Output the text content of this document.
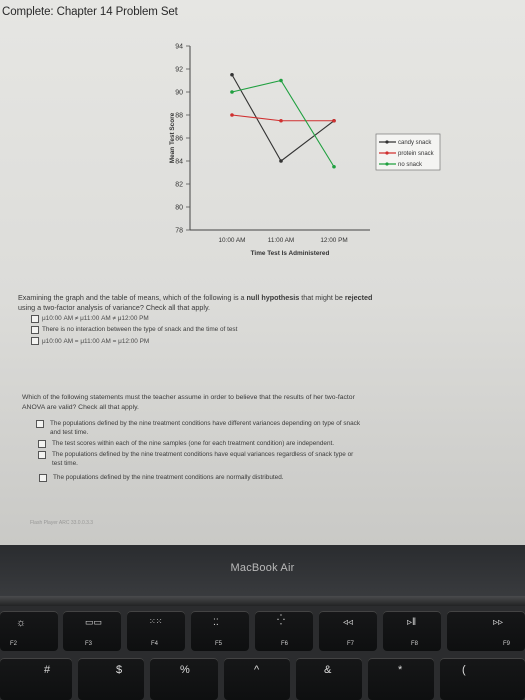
Complete: Chapter 14 Problem Set
78
80
82
84
86
88
90
92
94
10:00 AM	11:00 AM	12:00 PM
Time Test Is Administered
Mean Test Score	candy snack
protein snack
no snack
Examining the graph and the table of means, which of the following is a null hypothesis that might be rejected
using a two-factor analysis of variance? Check all that apply.
μ10:00 AM ≠ μ11:00 AM ≠ μ12:00 PM
There is no interaction between the type of snack and the time of test
μ10:00 AM = μ11:00 AM = μ12:00 PM
Which of the following statements must the teacher assume in order to believe that the results of her two-factor
ANOVA are valid? Check all that apply.
The populations defined by the nine treatment conditions have different variances depending on type of snack
and test time.
The test scores within each of the nine samples (one for each treatment condition) are independent.
The populations defined by the nine treatment conditions have equal variances regardless of snack type or
test time.
The populations defined by the nine treatment conditions are normally distributed.
Flash Player ARC 33.0.0.3.3
MacBook Air
☼
F2
▭▭
F3
⁙⁙
F4
⁚⁚
F5
⁛
F6
◃◃
F7
▹‖
F8
▹▹
F9
#	$	%	^	&	*	(
